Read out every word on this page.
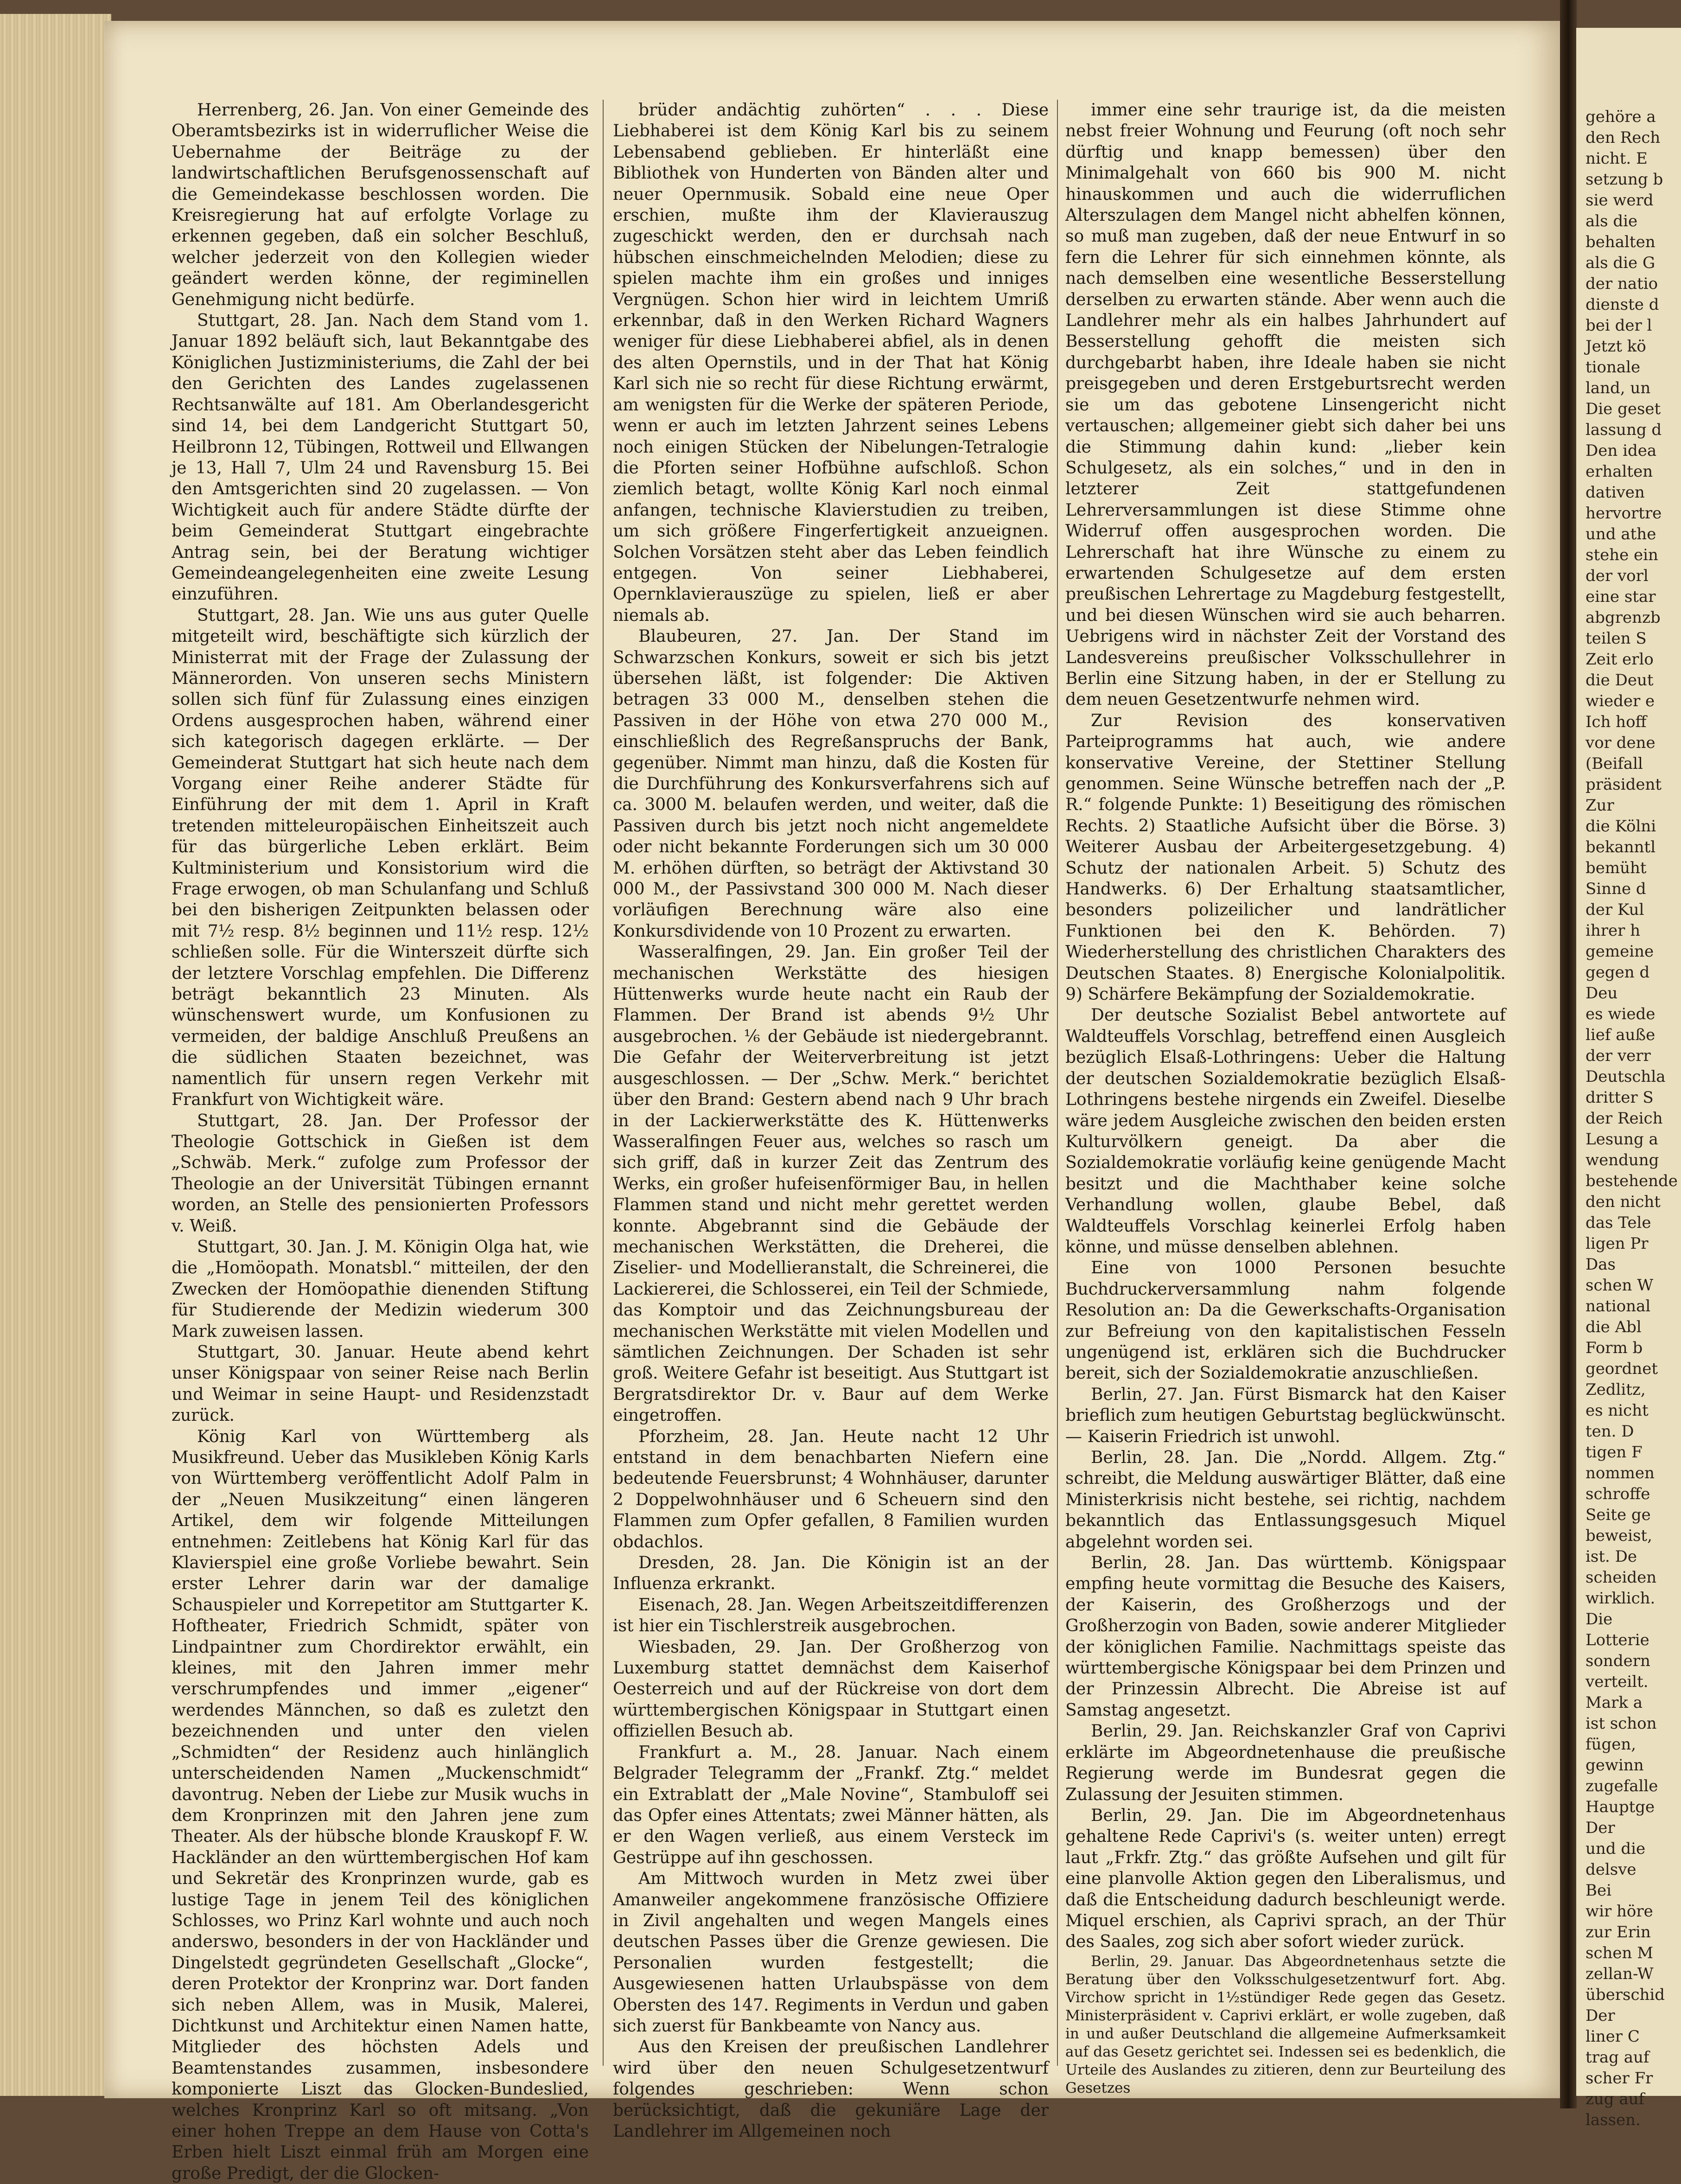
gehöre a
den Rech
nicht. E
setzung b
sie werd
als die
behalten
als die G
der natio
dienste d
bei der l
Jetzt kö
tionale
land, un
Die geset
lassung d
Den idea
erhalten
dativen
hervortre
und athe
stehe ein
der vorl
eine star
abgrenzb
teilen S
Zeit erlo
die Deut
wieder e
Ich hoff
vor dene
(Beifall
präsident
Zur
die Kölni
bekanntl
bemüht
Sinne d
der Kul
ihrer h
gemeine
gegen d
Deu
es wiede
lief auße
der verr
Deutschla
dritter S
der Reich
Lesung a
wendung
bestehende
den nicht
das Tele
ligen Pr
Das
schen W
national
die Abl
Form b
geordnet
Zedlitz,
es nicht
ten. D
tigen F
nommen
schroffe
Seite ge
beweist,
ist. De
scheiden
wirklich.
Die
Lotterie
sondern
verteilt.
Mark a
ist schon
fügen,
gewinn
zugefalle
Hauptge
Der
und die
delsve
Bei
wir höre
zur Erin
schen M
zellan-W
überschid
Der
liner C
trag auf
scher Fr
zug auf
lassen.

Herrenberg, 26. Jan. Von einer Gemeinde des Oberamtsbezirks ist in widerruflicher Weise die Uebernahme der Beiträge zu der landwirtschaftlichen Berufsgenossenschaft auf die Gemeindekasse beschlossen worden. Die Kreisregierung hat auf erfolgte Vorlage zu erkennen gegeben, daß ein solcher Beschluß, welcher jederzeit von den Kollegien wieder geändert werden könne, der regiminellen Genehmigung nicht bedürfe.

Stuttgart, 28. Jan. Nach dem Stand vom 1. Januar 1892 beläuft sich, laut Bekanntgabe des Königlichen Justizministeriums, die Zahl der bei den Gerichten des Landes zugelassenen Rechtsanwälte auf 181. Am Oberlandesgericht sind 14, bei dem Landgericht Stuttgart 50, Heilbronn 12, Tübingen, Rottweil und Ellwangen je 13, Hall 7, Ulm 24 und Ravensburg 15. Bei den Amtsgerichten sind 20 zugelassen. — Von Wichtigkeit auch für andere Städte dürfte der beim Gemeinderat Stuttgart eingebrachte Antrag sein, bei der Beratung wichtiger Gemeindeangelegenheiten eine zweite Lesung einzuführen.

Stuttgart, 28. Jan. Wie uns aus guter Quelle mitgeteilt wird, beschäftigte sich kürzlich der Ministerrat mit der Frage der Zulassung der Männerorden. Von unseren sechs Ministern sollen sich fünf für Zulassung eines einzigen Ordens ausgesprochen haben, während einer sich kategorisch dagegen erklärte. — Der Gemeinderat Stuttgart hat sich heute nach dem Vorgang einer Reihe anderer Städte für Einführung der mit dem 1. April in Kraft tretenden mitteleuropäischen Einheitszeit auch für das bürgerliche Leben erklärt. Beim Kultministerium und Konsistorium wird die Frage erwogen, ob man Schulanfang und Schluß bei den bisherigen Zeitpunkten belassen oder mit 7½ resp. 8½ beginnen und 11½ resp. 12½ schließen solle. Für die Winterszeit dürfte sich der letztere Vorschlag empfehlen. Die Differenz beträgt bekanntlich 23 Minuten. Als wünschenswert wurde, um Konfusionen zu vermeiden, der baldige Anschluß Preußens an die südlichen Staaten bezeichnet, was namentlich für unsern regen Verkehr mit Frankfurt von Wichtigkeit wäre.

Stuttgart, 28. Jan. Der Professor der Theologie Gottschick in Gießen ist dem „Schwäb. Merk.“ zufolge zum Professor der Theologie an der Universität Tübingen ernannt worden, an Stelle des pensionierten Professors v. Weiß.

Stuttgart, 30. Jan. J. M. Königin Olga hat, wie die „Homöopath. Monatsbl.“ mitteilen, der den Zwecken der Homöopathie dienenden Stiftung für Studierende der Medizin wiederum 300 Mark zuweisen lassen.

Stuttgart, 30. Januar. Heute abend kehrt unser Königspaar von seiner Reise nach Berlin und Weimar in seine Haupt- und Residenzstadt zurück.

König Karl von Württemberg als Musikfreund. Ueber das Musikleben König Karls von Württemberg veröffentlicht Adolf Palm in der „Neuen Musikzeitung“ einen längeren Artikel, dem wir folgende Mitteilungen entnehmen: Zeitlebens hat König Karl für das Klavierspiel eine große Vorliebe bewahrt. Sein erster Lehrer darin war der damalige Schauspieler und Korrepetitor am Stuttgarter K. Hoftheater, Friedrich Schmidt, später von Lindpaintner zum Chordirektor erwählt, ein kleines, mit den Jahren immer mehr verschrumpfendes und immer „eigener“ werdendes Männchen, so daß es zuletzt den bezeichnenden und unter den vielen „Schmidten“ der Residenz auch hinlänglich unterscheidenden Namen „Muckenschmidt“ davontrug. Neben der Liebe zur Musik wuchs in dem Kronprinzen mit den Jahren jene zum Theater. Als der hübsche blonde Krauskopf F. W. Hackländer an den württembergischen Hof kam und Sekretär des Kronprinzen wurde, gab es lustige Tage in jenem Teil des königlichen Schlosses, wo Prinz Karl wohnte und auch noch anderswo, besonders in der von Hackländer und Dingelstedt gegründeten Gesellschaft „Glocke“, deren Protektor der Kronprinz war. Dort fanden sich neben Allem, was in Musik, Malerei, Dichtkunst und Architektur einen Namen hatte, Mitglieder des höchsten Adels und Beamtenstandes zusammen, insbesondere komponierte Liszt das Glocken-Bundeslied, welches Kronprinz Karl so oft mitsang. „Von einer hohen Treppe an dem Hause von Cotta's Erben hielt Liszt einmal früh am Morgen eine große Predigt, der die Glocken-

brüder andächtig zuhörten“ . . . Diese Liebhaberei ist dem König Karl bis zu seinem Lebensabend geblieben. Er hinterläßt eine Bibliothek von Hunderten von Bänden alter und neuer Opernmusik. Sobald eine neue Oper erschien, mußte ihm der Klavierauszug zugeschickt werden, den er durchsah nach hübschen einschmeichelnden Melodien; diese zu spielen machte ihm ein großes und inniges Vergnügen. Schon hier wird in leichtem Umriß erkennbar, daß in den Werken Richard Wagners weniger für diese Liebhaberei abfiel, als in denen des alten Opernstils, und in der That hat König Karl sich nie so recht für diese Richtung erwärmt, am wenigsten für die Werke der späteren Periode, wenn er auch im letzten Jahrzent seines Lebens noch einigen Stücken der Nibelungen-Tetralogie die Pforten seiner Hofbühne aufschloß. Schon ziemlich betagt, wollte König Karl noch einmal anfangen, technische Klavierstudien zu treiben, um sich größere Fingerfertigkeit anzueignen. Solchen Vorsätzen steht aber das Leben feindlich entgegen. Von seiner Liebhaberei, Opernklavierauszüge zu spielen, ließ er aber niemals ab.

Blaubeuren, 27. Jan. Der Stand im Schwarzschen Konkurs, soweit er sich bis jetzt übersehen läßt, ist folgender: Die Aktiven betragen 33 000 M., denselben stehen die Passiven in der Höhe von etwa 270 000 M., einschließlich des Regreßanspruchs der Bank, gegenüber. Nimmt man hinzu, daß die Kosten für die Durchführung des Konkursverfahrens sich auf ca. 3000 M. belaufen werden, und weiter, daß die Passiven durch bis jetzt noch nicht angemeldete oder nicht bekannte Forderungen sich um 30 000 M. erhöhen dürften, so beträgt der Aktivstand 30 000 M., der Passivstand 300 000 M. Nach dieser vorläufigen Berechnung wäre also eine Konkursdividende von 10 Prozent zu erwarten.

Wasseralfingen, 29. Jan. Ein großer Teil der mechanischen Werkstätte des hiesigen Hüttenwerks wurde heute nacht ein Raub der Flammen. Der Brand ist abends 9½ Uhr ausgebrochen. ⅙ der Gebäude ist niedergebrannt. Die Gefahr der Weiterverbreitung ist jetzt ausgeschlossen. — Der „Schw. Merk.“ berichtet über den Brand: Gestern abend nach 9 Uhr brach in der Lackierwerkstätte des K. Hüttenwerks Wasseralfingen Feuer aus, welches so rasch um sich griff, daß in kurzer Zeit das Zentrum des Werks, ein großer hufeisenförmiger Bau, in hellen Flammen stand und nicht mehr gerettet werden konnte. Abgebrannt sind die Gebäude der mechanischen Werkstätten, die Dreherei, die Ziselier- und Modellieranstalt, die Schreinerei, die Lackiererei, die Schlosserei, ein Teil der Schmiede, das Komptoir und das Zeichnungsbureau der mechanischen Werkstätte mit vielen Modellen und sämtlichen Zeichnungen. Der Schaden ist sehr groß. Weitere Gefahr ist beseitigt. Aus Stuttgart ist Bergratsdirektor Dr. v. Baur auf dem Werke eingetroffen.

Pforzheim, 28. Jan. Heute nacht 12 Uhr entstand in dem benachbarten Niefern eine bedeutende Feuersbrunst; 4 Wohnhäuser, darunter 2 Doppelwohnhäuser und 6 Scheuern sind den Flammen zum Opfer gefallen, 8 Familien wurden obdachlos.

Dresden, 28. Jan. Die Königin ist an der Influenza erkrankt.

Eisenach, 28. Jan. Wegen Arbeitszeitdifferenzen ist hier ein Tischlerstreik ausgebrochen.

Wiesbaden, 29. Jan. Der Großherzog von Luxemburg stattet demnächst dem Kaiserhof Oesterreich und auf der Rückreise von dort dem württembergischen Königspaar in Stuttgart einen offiziellen Besuch ab.

Frankfurt a. M., 28. Januar. Nach einem Belgrader Telegramm der „Frankf. Ztg.“ meldet ein Extrablatt der „Male Novine“, Stambuloff sei das Opfer eines Attentats; zwei Männer hätten, als er den Wagen verließ, aus einem Versteck im Gestrüppe auf ihn geschossen.

Am Mittwoch wurden in Metz zwei über Amanweiler angekommene französische Offiziere in Zivil angehalten und wegen Mangels eines deutschen Passes über die Grenze gewiesen. Die Personalien wurden festgestellt; die Ausgewiesenen hatten Urlaubspässe von dem Obersten des 147. Regiments in Verdun und gaben sich zuerst für Bankbeamte von Nancy aus.

Aus den Kreisen der preußischen Landlehrer wird über den neuen Schulgesetzentwurf folgendes geschrieben: Wenn schon berücksichtigt, daß die gekuniäre Lage der Landlehrer im Allgemeinen noch

immer eine sehr traurige ist, da die meisten nebst freier Wohnung und Feurung (oft noch sehr dürftig und knapp bemessen) über den Minimalgehalt von 660 bis 900 M. nicht hinauskommen und auch die widerruflichen Alterszulagen dem Mangel nicht abhelfen können, so muß man zugeben, daß der neue Entwurf in so fern die Lehrer für sich einnehmen könnte, als nach demselben eine wesentliche Besserstellung derselben zu erwarten stände. Aber wenn auch die Landlehrer mehr als ein halbes Jahrhundert auf Besserstellung gehofft die meisten sich durchgebarbt haben, ihre Ideale haben sie nicht preisgegeben und deren Erstgeburtsrecht werden sie um das gebotene Linsengericht nicht vertauschen; allgemeiner giebt sich daher bei uns die Stimmung dahin kund: „lieber kein Schulgesetz, als ein solches,“ und in den in letzterer Zeit stattgefundenen Lehrerversammlungen ist diese Stimme ohne Widerruf offen ausgesprochen worden. Die Lehrerschaft hat ihre Wünsche zu einem zu erwartenden Schulgesetze auf dem ersten preußischen Lehrertage zu Magdeburg festgestellt, und bei diesen Wünschen wird sie auch beharren. Uebrigens wird in nächster Zeit der Vorstand des Landesvereins preußischer Volksschullehrer in Berlin eine Sitzung haben, in der er Stellung zu dem neuen Gesetzentwurfe nehmen wird.

Zur Revision des konservativen Parteiprogramms hat auch, wie andere konservative Vereine, der Stettiner Stellung genommen. Seine Wünsche betreffen nach der „P. R.“ folgende Punkte: 1) Beseitigung des römischen Rechts. 2) Staatliche Aufsicht über die Börse. 3) Weiterer Ausbau der Arbeitergesetzgebung. 4) Schutz der nationalen Arbeit. 5) Schutz des Handwerks. 6) Der Erhaltung staatsamtlicher, besonders polizeilicher und landrätlicher Funktionen bei den K. Behörden. 7) Wiederherstellung des christlichen Charakters des Deutschen Staates. 8) Energische Kolonialpolitik. 9) Schärfere Bekämpfung der Sozialdemokratie.

Der deutsche Sozialist Bebel antwortete auf Waldteuffels Vorschlag, betreffend einen Ausgleich bezüglich Elsaß-Lothringens: Ueber die Haltung der deutschen Sozialdemokratie bezüglich Elsaß-Lothringens bestehe nirgends ein Zweifel. Dieselbe wäre jedem Ausgleiche zwischen den beiden ersten Kulturvölkern geneigt. Da aber die Sozialdemokratie vorläufig keine genügende Macht besitzt und die Machthaber keine solche Verhandlung wollen, glaube Bebel, daß Waldteuffels Vorschlag keinerlei Erfolg haben könne, und müsse denselben ablehnen.

Eine von 1000 Personen besuchte Buchdruckerversammlung nahm folgende Resolution an: Da die Gewerkschafts-Organisation zur Befreiung von den kapitalistischen Fesseln ungenügend ist, erklären sich die Buchdrucker bereit, sich der Sozialdemokratie anzuschließen.

Berlin, 27. Jan. Fürst Bismarck hat den Kaiser brieflich zum heutigen Geburtstag beglückwünscht. — Kaiserin Friedrich ist unwohl.

Berlin, 28. Jan. Die „Nordd. Allgem. Ztg.“ schreibt, die Meldung auswärtiger Blätter, daß eine Ministerkrisis nicht bestehe, sei richtig, nachdem bekanntlich das Entlassungsgesuch Miquel abgelehnt worden sei.

Berlin, 28. Jan. Das württemb. Königspaar empfing heute vormittag die Besuche des Kaisers, der Kaiserin, des Großherzogs und der Großherzogin von Baden, sowie anderer Mitglieder der königlichen Familie. Nachmittags speiste das württembergische Königspaar bei dem Prinzen und der Prinzessin Albrecht. Die Abreise ist auf Samstag angesetzt.

Berlin, 29. Jan. Reichskanzler Graf von Caprivi erklärte im Abgeordnetenhause die preußische Regierung werde im Bundesrat gegen die Zulassung der Jesuiten stimmen.

Berlin, 29. Jan. Die im Abgeordnetenhaus gehaltene Rede Caprivi's (s. weiter unten) erregt laut „Frkfr. Ztg.“ das größte Aufsehen und gilt für eine planvolle Aktion gegen den Liberalismus, und daß die Entscheidung dadurch beschleunigt werde. Miquel erschien, als Caprivi sprach, an der Thür des Saales, zog sich aber sofort wieder zurück.

Berlin, 29. Januar. Das Abgeordnetenhaus setzte die Beratung über den Volksschulgesetzentwurf fort. Abg. Virchow spricht in 1½stündiger Rede gegen das Gesetz. Ministerpräsident v. Caprivi erklärt, er wolle zugeben, daß in und außer Deutschland die allgemeine Aufmerksamkeit auf das Gesetz gerichtet sei. Indessen sei es bedenklich, die Urteile des Auslandes zu zitieren, denn zur Beurteilung des Gesetzes
